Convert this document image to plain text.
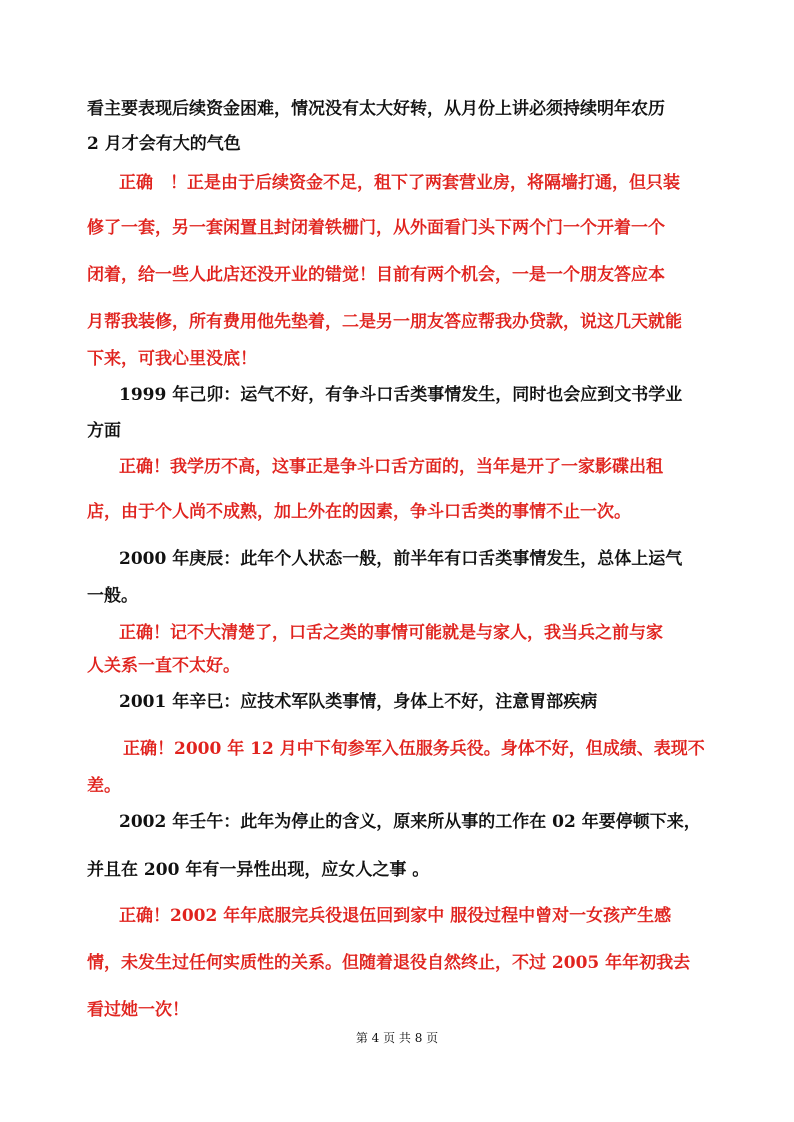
看主要表现后续资金困难，情况没有太大好转，从月份上讲必须持续明年农历
2 月才会有大的气色
正确　！正是由于后续资金不足，租下了两套营业房，将隔墙打通，但只装
修了一套，另一套闲置且封闭着铁栅门，从外面看门头下两个门一个开着一个
闭着，给一些人此店还没开业的错觉！目前有两个机会，一是一个朋友答应本
月帮我装修，所有费用他先垫着，二是另一朋友答应帮我办贷款，说这几天就能
下来，可我心里没底！
1999 年己卯：运气不好，有争斗口舌类事情发生，同时也会应到文书学业
方面
正确！我学历不高，这事正是争斗口舌方面的，当年是开了一家影碟出租
店，由于个人尚不成熟，加上外在的因素，争斗口舌类的事情不止一次。
2000 年庚辰：此年个人状态一般，前半年有口舌类事情发生，总体上运气
一般。
正确！记不大清楚了，口舌之类的事情可能就是与家人，我当兵之前与家
人关系一直不太好。
2001 年辛巳：应技术军队类事情，身体上不好，注意胃部疾病
正确！2000 年 12 月中下旬参军入伍服务兵役。身体不好，但成绩、表现不
差。
2002 年壬午：此年为停止的含义，原来所从事的工作在 02 年要停顿下来，
并且在 200 年有一异性出现，应女人之事 。
正确！2002 年年底服完兵役退伍回到家中 服役过程中曾对一女孩产生感
情，未发生过任何实质性的关系。但随着退役自然终止，不过 2005 年年初我去
看过她一次！
第 4 页 共 8 页
